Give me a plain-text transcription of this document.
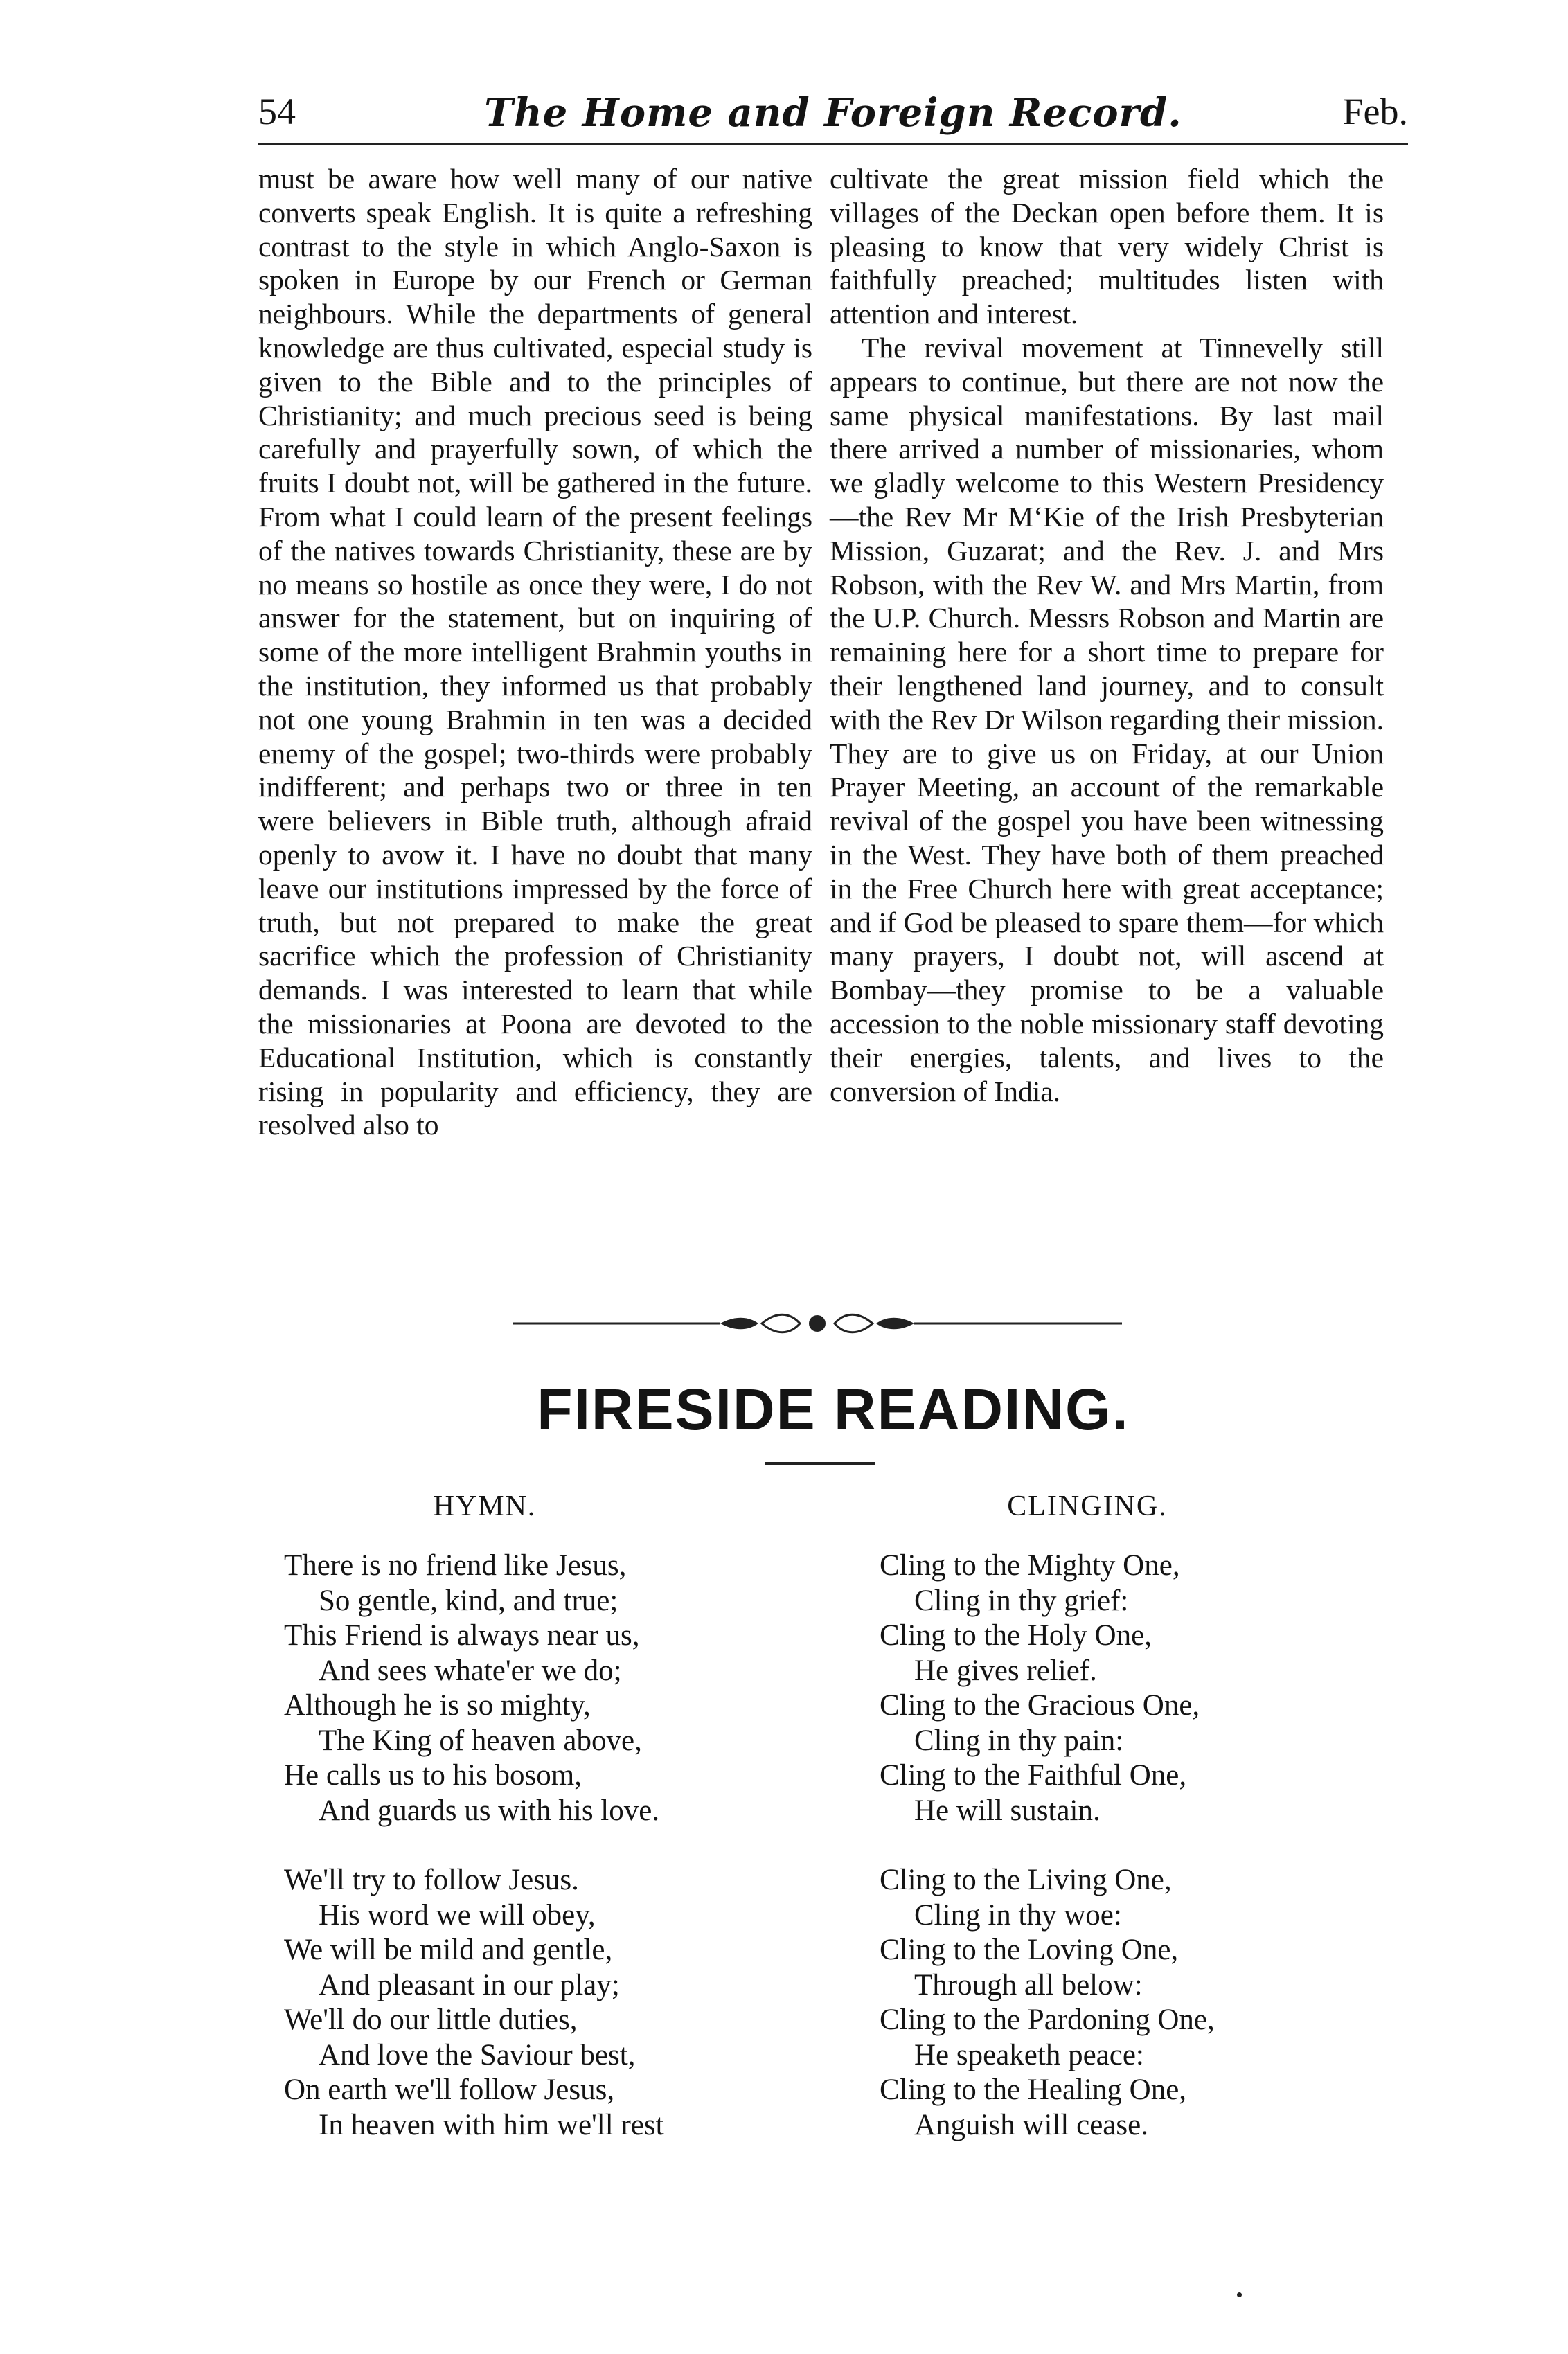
54	The Home and Foreign Record.	Feb.

must be aware how well many of our native converts speak English. It is quite a refreshing contrast to the style in which Anglo-Saxon is spoken in Europe by our French or German neighbours. While the departments of general knowledge are thus cultivated, especial study is given to the Bible and to the principles of Christianity; and much precious seed is being carefully and prayerfully sown, of which the fruits I doubt not, will be gathered in the future. From what I could learn of the present feelings of the natives towards Christianity, these are by no means so hostile as once they were, I do not answer for the statement, but on inquiring of some of the more intelligent Brahmin youths in the institution, they informed us that probably not one young Brahmin in ten was a decided enemy of the gospel; two-thirds were probably indifferent; and perhaps two or three in ten were believers in Bible truth, although afraid openly to avow it. I have no doubt that many leave our institutions impressed by the force of truth, but not prepared to make the great sacrifice which the profession of Christianity demands. I was interested to learn that while the missionaries at Poona are devoted to the Educational Institution, which is constantly rising in popularity and efficiency, they are resolved also to

cultivate the great mission field which the villages of the Deckan open before them. It is pleasing to know that very widely Christ is faithfully preached; multitudes listen with attention and interest.

The revival movement at Tinnevelly still appears to continue, but there are not now the same physical manifestations. By last mail there arrived a number of missionaries, whom we gladly welcome to this Western Presidency—the Rev Mr M‘Kie of the Irish Presbyterian Mission, Guzarat; and the Rev. J. and Mrs Robson, with the Rev W. and Mrs Martin, from the U.P. Church. Messrs Robson and Martin are remaining here for a short time to prepare for their lengthened land journey, and to consult with the Rev Dr Wilson regarding their mission. They are to give us on Friday, at our Union Prayer Meeting, an account of the remarkable revival of the gospel you have been witnessing in the West. They have both of them preached in the Free Church here with great acceptance; and if God be pleased to spare them—for which many prayers, I doubt not, will ascend at Bombay—they promise to be a valuable accession to the noble missionary staff devoting their energies, talents, and lives to the conversion of India.

FIRESIDE READING.
HYMN.
There is no friend like Jesus,
So gentle, kind, and true;
This Friend is always near us,
And sees whate'er we do;
Although he is so mighty,
The King of heaven above,
He calls us to his bosom,
And guards us with his love.
We'll try to follow Jesus.
His word we will obey,
We will be mild and gentle,
And pleasant in our play;
We'll do our little duties,
And love the Saviour best,
On earth we'll follow Jesus,
In heaven with him we'll rest
CLINGING.
Cling to the Mighty One,
Cling in thy grief:
Cling to the Holy One,
He gives relief.
Cling to the Gracious One,
Cling in thy pain:
Cling to the Faithful One,
He will sustain.
Cling to the Living One,
Cling in thy woe:
Cling to the Loving One,
Through all below:
Cling to the Pardoning One,
He speaketh peace:
Cling to the Healing One,
Anguish will cease.
